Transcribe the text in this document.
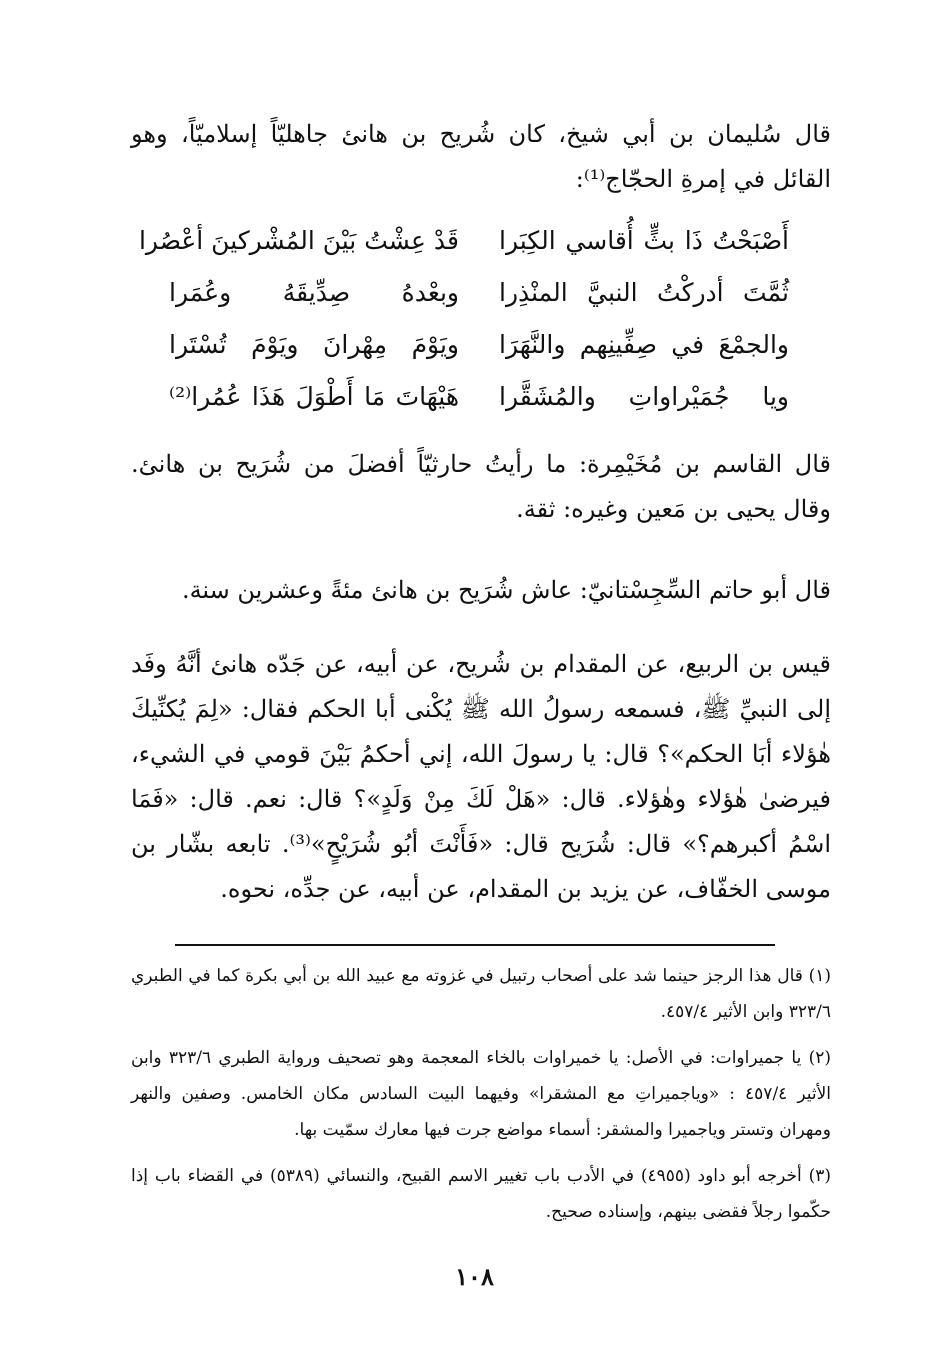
قال سُليمان بن أبي شيخ، كان شُريح بن هانئ جاهليّاً إسلاميّاً، وهو القائل في إمرةِ الحجّاج⁽¹⁾:

أَصْبَحْتُ ذَا بثٍّ أُقاسي الكِبَرا
قَدْ عِشْتُ بَيْنَ المُشْركينَ أعْصُرا
ثُمَّتَ أدركْتُ النبيَّ المنْذِرا
وبعْدهُ صِدِّيقَهُ وعُمَرا
والجمْعَ في صِفِّينِهم والنَّهَرَا
ويَوْمَ مِهْرانَ ويَوْمَ تُسْتَرا
ويا جُمَيْراواتِ والمُشَقَّرا
هَيْهَاتَ مَا أَطْوَلَ هَذَا عُمُرا⁽²⁾

قال القاسم بن مُخَيْمِرة: ما رأيتُ حارثيّاً أفضلَ من شُرَيح بن هانئ. وقال يحيى بن مَعين وغيره: ثقة.

قال أبو حاتم السِّجِسْتانيّ: عاش شُرَيح بن هانئ مئةً وعشرين سنة.

قيس بن الربيع، عن المقدام بن شُريح، عن أبيه، عن جَدّه هانئ أنَّهُ وفَد إلى النبيِّ ﷺ، فسمعه رسولُ الله ﷺ يُكْنى أبا الحكم فقال: «لِمَ يُكنِّيكَ هٰؤلاء أبَا الحكم»؟ قال: يا رسولَ الله، إني أحكمُ بَيْنَ قومي في الشيء، فيرضىٰ هٰؤلاء وهٰؤلاء. قال: «هَلْ لَكَ مِنْ وَلَدٍ»؟ قال: نعم. قال: «فَمَا اسْمُ أكبرهم؟» قال: شُرَيح قال: «فَأَنْتَ أبُو شُرَيْحٍ»⁽³⁾. تابعه بشّار بن موسى الخفّاف، عن يزيد بن المقدام، عن أبيه، عن جدِّه، نحوه.

(١) قال هذا الرجز حينما شد على أصحاب رتبيل في غزوته مع عبيد الله بن أبي بكرة كما في الطبري ٣٢٣/٦ وابن الأثير ٤٥٧/٤.

(٢) يا جميراوات: في الأصل: يا خميراوات بالخاء المعجمة وهو تصحيف ورواية الطبري ٣٢٣/٦ وابن الأثير ٤٥٧/٤ : «وياجميراتِ مع المشقرا» وفيهما البيت السادس مكان الخامس. وصفين والنهر ومهران وتستر وياجميرا والمشقر: أسماء مواضع جرت فيها معارك سمّيت بها.

(٣) أخرجه أبو داود (٤٩٥٥) في الأدب باب تغيير الاسم القبيح، والنسائي (٥٣٨٩) في القضاء باب إذا حكّموا رجلاً فقضى بينهم، وإسناده صحيح.

١٠٨
